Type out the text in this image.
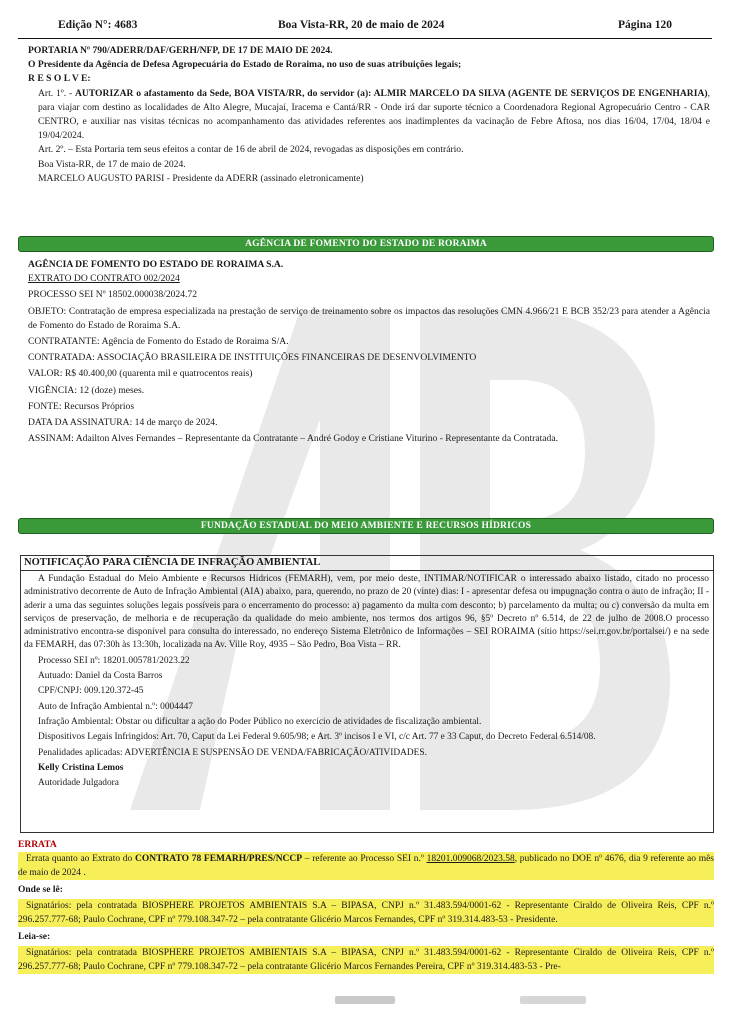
Edição N°: 4683	Boa Vista-RR, 20 de maio de 2024	Página 120

PORTARIA Nº 790/ADERR/DAF/GERH/NFP, DE 17 DE MAIO DE 2024.

O Presidente da Agência de Defesa Agropecuária do Estado de Roraima, no uso de suas atribuições legais;

R E S O L V E:

Art. 1º. - AUTORIZAR o afastamento da Sede, BOA VISTA/RR, do servidor (a): ALMIR MARCELO DA SILVA (AGENTE DE SERVIÇOS DE ENGENHARIA), para viajar com destino as localidades de Alto Alegre, Mucajaí, Iracema e Cantá/RR - Onde irá dar suporte técnico a Coordenadora Regional Agropecuário Centro - CAR CENTRO, e auxiliar nas visitas técnicas no acompanhamento das atividades referentes aos inadimplentes da vacinação de Febre Aftosa, nos dias 16/04, 17/04, 18/04 e 19/04/2024.

Art. 2º. – Esta Portaria tem seus efeitos a contar de 16 de abril de 2024, revogadas as disposições em contrário.

Boa Vista-RR, de 17 de maio de 2024.

MARCELO AUGUSTO PARISI - Presidente da ADERR (assinado eletronicamente)

AGÊNCIA DE FOMENTO DO ESTADO DE RORAIMA

AGÊNCIA DE FOMENTO DO ESTADO DE RORAIMA S.A.

EXTRATO DO CONTRATO 002/2024

PROCESSO SEI Nº 18502.000038/2024.72

OBJETO: Contratação de empresa especializada na prestação de serviço de treinamento sobre os impactos das resoluções CMN 4.966/21 E BCB 352/23 para atender a Agência de Fomento do Estado de Roraima S.A.

CONTRATANTE: Agência de Fomento do Estado de Roraima S/A.

CONTRATADA: ASSOCIAÇÃO BRASILEIRA DE INSTITUIÇÕES FINANCEIRAS DE DESENVOLVIMENTO

VALOR: R$ 40.400,00 (quarenta mil e quatrocentos reais)

VIGÊNCIA: 12 (doze) meses.

FONTE: Recursos Próprios

DATA DA ASSINATURA: 14 de março de 2024.

ASSINAM: Adailton Alves Fernandes – Representante da Contratante – André Godoy e Cristiane Viturino - Representante da Contratada.

FUNDAÇÃO ESTADUAL DO MEIO AMBIENTE E RECURSOS HÍDRICOS
NOTIFICAÇÃO PARA CIÊNCIA DE INFRAÇÃO AMBIENTAL

A Fundação Estadual do Meio Ambiente e Recursos Hídricos (FEMARH), vem, por meio deste, INTIMAR/NOTIFICAR o interessado abaixo listado, citado no processo administrativo decorrente de Auto de Infração Ambiental (AIA) abaixo, para, querendo, no prazo de 20 (vinte) dias: I - apresentar defesa ou impugnação contra o auto de infração; II - aderir a uma das seguintes soluções legais possíveis para o encerramento do processo: a) pagamento da multa com desconto; b) parcelamento da multa; ou c) conversão da multa em serviços de preservação, de melhoria e de recuperação da qualidade do meio ambiente, nos termos dos artigos 96, §5º Decreto nº 6.514, de 22 de julho de 2008.O processo administrativo encontra-se disponível para consulta do interessado, no endereço Sistema Eletrônico de Informações – SEI RORAIMA (sítio https://sei.rr.gov.br/portalsei/) e na sede da FEMARH, das 07:30h às 13:30h, localizada na Av. Ville Roy, 4935 – São Pedro, Boa Vista – RR.

Processo SEI nº: 18201.005781/2023.22

Autuado: Daniel da Costa Barros

CPF/CNPJ: 009.120.372-45

Auto de Infração Ambiental n.º: 0004447

Infração Ambiental: Obstar ou dificultar a ação do Poder Público no exercício de atividades de fiscalização ambiental.

Dispositivos Legais Infringidos: Art. 70, Caput da Lei Federal 9.605/98; e Art. 3º incisos I e VI, c/c Art. 77 e 33 Caput, do Decreto Federal 6.514/08.

Penalidades aplicadas: ADVERTÊNCIA E SUSPENSÃO DE VENDA/FABRICAÇÃO/ATIVIDADES.

Kelly Cristina Lemos

Autoridade Julgadora

ERRATA

Errata quanto ao Extrato do CONTRATO 78 FEMARH/PRES/NCCP – referente ao Processo SEI n.º 18201.009068/2023.58, publicado no DOE nº 4676, dia 9 referente ao mês de maio de 2024 .

Onde se lê:

Signatários: pela contratada BIOSPHERE PROJETOS AMBIENTAIS S.A – BIPASA, CNPJ n.º 31.483.594/0001-62 - Representante Ciraldo de Oliveira Reis, CPF n.º 296.257.777-68; Paulo Cochrane, CPF nº 779.108.347-72 – pela contratante Glicério Marcos Fernandes, CPF nº 319.314.483-53 - Presidente.

Leia-se:

Signatários: pela contratada BIOSPHERE PROJETOS AMBIENTAIS S.A – BIPASA, CNPJ n.º 31.483.594/0001-62 - Representante Ciraldo de Oliveira Reis, CPF n.º 296.257.777-68; Paulo Cochrane, CPF nº 779.108.347-72 – pela contratante Glicério Marcos Fernandes Pereira, CPF nº 319.314.483-53 - Pre-
